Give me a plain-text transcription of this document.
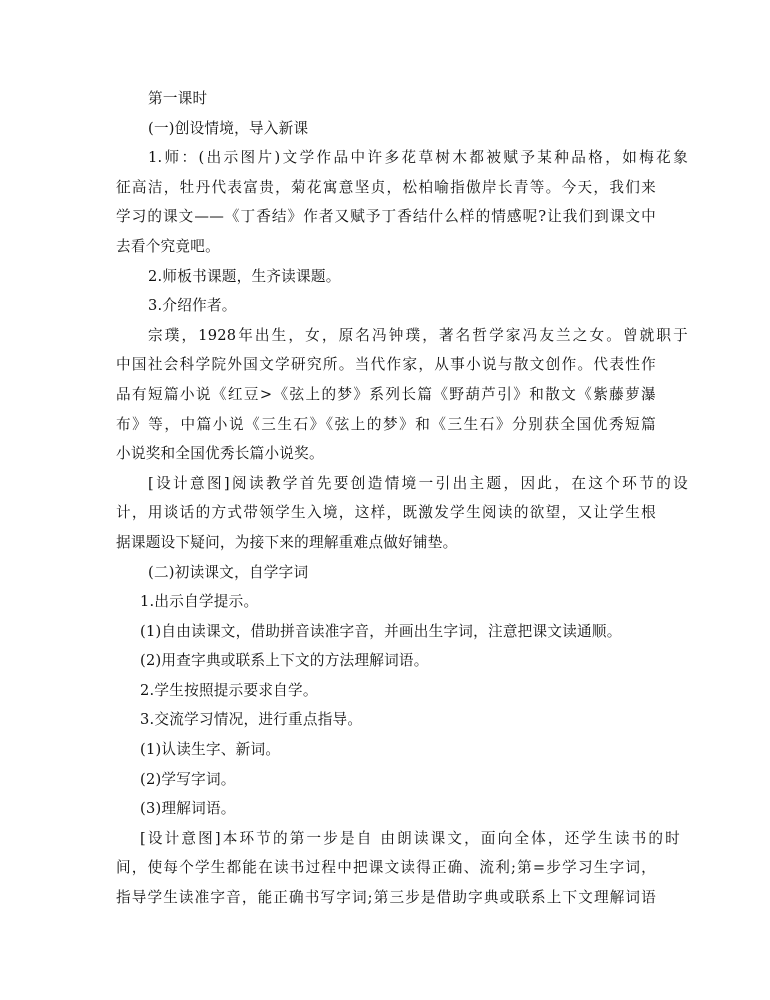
第一课时
(一)创设情境，导入新课
1.师：(出示图片)文学作品中许多花草树木都被赋予某种品格，如梅花象
征高洁，牡丹代表富贵，菊花寓意坚贞，松柏喻指傲岸长青等。今天，我们来
学习的课文——《丁香结》作者又赋予丁香结什么样的情感呢?让我们到课文中
去看个究竟吧。
2.师板书课题，生齐读课题。
3.介绍作者。
宗璞，1928年出生，女，原名冯钟璞，著名哲学家冯友兰之女。曾就职于
中国社会科学院外国文学研究所。当代作家，从事小说与散文创作。代表性作
品有短篇小说《红豆>《弦上的梦》系列长篇《野葫芦引》和散文《紫藤萝瀑
布》等，中篇小说《三生石》《弦上的梦》和《三生石》分别获全国优秀短篇
小说奖和全国优秀长篇小说奖。
[设计意图]阅读教学首先要创造情境一引出主题，因此，在这个环节的设
计，用谈话的方式带领学生入境，这样，既激发学生阅读的欲望，又让学生根
据课题设下疑问，为接下来的理解重难点做好铺垫。
(二)初读课文，自学字词
1.出示自学提示。
(1)自由读课文，借助拼音读准字音，并画出生字词，注意把课文读通顺。
(2)用查字典或联系上下文的方法理解词语。
2.学生按照提示要求自学。
3.交流学习情况，进行重点指导。
(1)认读生字、新词。
(2)学写字词。
(3)理解词语。
[设计意图]本环节的第一步是自 由朗读课文，面向全体，还学生读书的时
间，使每个学生都能在读书过程中把课文读得正确、流利;第=步学习生字词，
指导学生读准字音，能正确书写字词;第三步是借助字典或联系上下文理解词语
